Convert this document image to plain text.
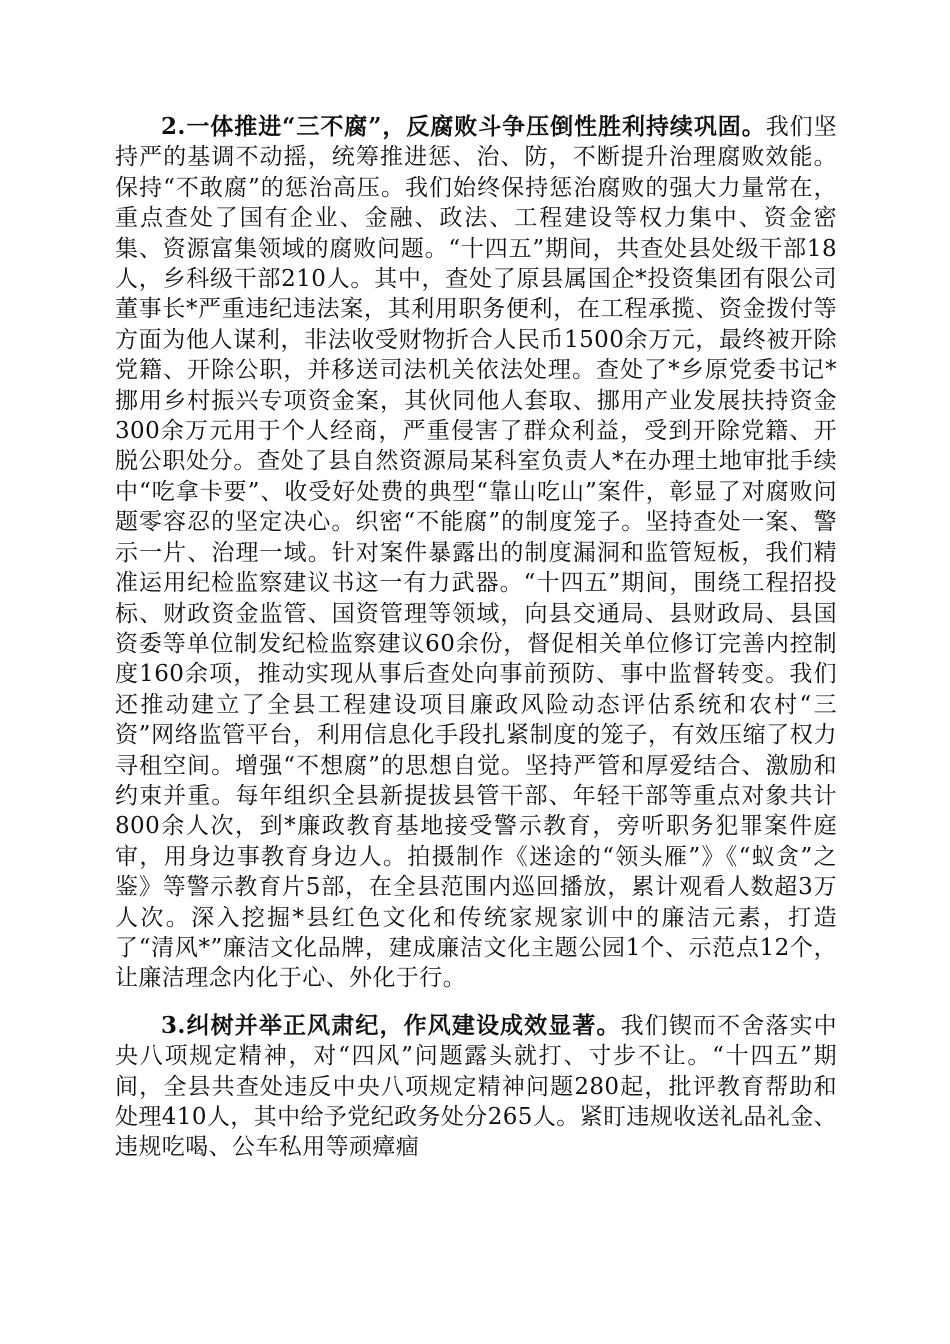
2.一体推进“三不腐”，反腐败斗争压倒性胜利持续巩固。我们坚持严的基调不动摇，统筹推进惩、治、防，不断提升治理腐败效能。保持“不敢腐”的惩治高压。我们始终保持惩治腐败的强大力量常在，重点查处了国有企业、金融、政法、工程建设等权力集中、资金密集、资源富集领域的腐败问题。“十四五”期间，共查处县处级干部18人，乡科级干部210人。其中，查处了原县属国企*投资集团有限公司董事长*严重违纪违法案，其利用职务便利，在工程承揽、资金拨付等方面为他人谋利，非法收受财物折合人民币1500余万元，最终被开除党籍、开除公职，并移送司法机关依法处理。查处了*乡原党委书记*挪用乡村振兴专项资金案，其伙同他人套取、挪用产业发展扶持资金300余万元用于个人经商，严重侵害了群众利益，受到开除党籍、开脱公职处分。查处了县自然资源局某科室负责人*在办理土地审批手续中“吃拿卡要”、收受好处费的典型“靠山吃山”案件，彰显了对腐败问题零容忍的坚定决心。织密“不能腐”的制度笼子。坚持查处一案、警示一片、治理一域。针对案件暴露出的制度漏洞和监管短板，我们精准运用纪检监察建议书这一有力武器。“十四五”期间，围绕工程招投标、财政资金监管、国资管理等领域，向县交通局、县财政局、县国资委等单位制发纪检监察建议60余份，督促相关单位修订完善内控制度160余项，推动实现从事后查处向事前预防、事中监督转变。我们还推动建立了全县工程建设项目廉政风险动态评估系统和农村“三资”网络监管平台，利用信息化手段扎紧制度的笼子，有效压缩了权力寻租空间。增强“不想腐”的思想自觉。坚持严管和厚爱结合、激励和约束并重。每年组织全县新提拔县管干部、年轻干部等重点对象共计800余人次，到*廉政教育基地接受警示教育，旁听职务犯罪案件庭审，用身边事教育身边人。拍摄制作《迷途的“领头雁”》《“蚁贪”之鉴》等警示教育片5部，在全县范围内巡回播放，累计观看人数超3万人次。深入挖掘*县红色文化和传统家规家训中的廉洁元素，打造了“清风*”廉洁文化品牌，建成廉洁文化主题公园1个、示范点12个，让廉洁理念内化于心、外化于行。

3.纠树并举正风肃纪，作风建设成效显著。我们锲而不舍落实中央八项规定精神，对“四风”问题露头就打、寸步不让。“十四五”期间，全县共查处违反中央八项规定精神问题280起，批评教育帮助和处理410人，其中给予党纪政务处分265人。紧盯违规收送礼品礼金、违规吃喝、公车私用等顽瘴痼
